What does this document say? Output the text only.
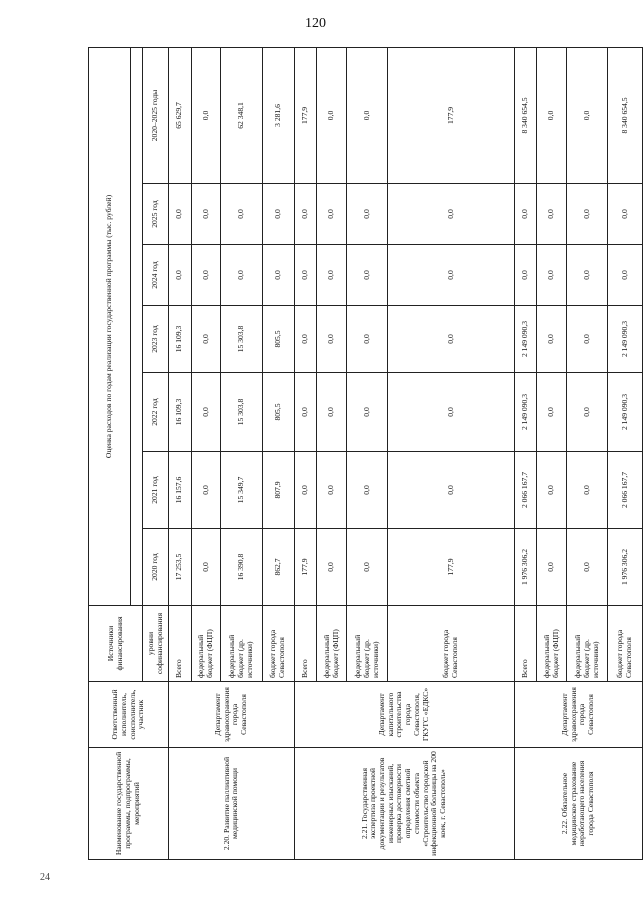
120
Наименование государственной программы, подпрограммы, мероприятий	Ответственный исполнитель, соисполнитель, участник	Источники финансирования	Оценка расходов по годам реализации государственной программы (тыс. рублей)						

		уровни софинансирования	2020 год	2021 год	2022 год	2023 год	2024 год	2025 год	2020–2025 годы
2.20. Развитие паллиативной медицинской помощи	Департамент здравоохранения города Севастополя	Всего	17 253,5	16 157,6	16 109,3	16 109,3	0,0	0,0	65 629,7
		федеральный бюджет (ФЦП)	0,0	0,0	0,0	0,0	0,0	0,0	0,0
		федеральный бюджет (др. источники)	16 390,8	15 349,7	15 303,8	15 303,8	0,0	0,0	62 348,1
		бюджет города Севастополя	862,7	807,9	805,5	805,5	0,0	0,0	3 281,6
2.21. Государственная экспертиза проектной документации и результатов инженерных изысканий, проверка достоверности определения сметной стоимости объекта «Строительство городской инфекционной больницы на 200 коек, г. Севастополь»	Департамент капитального строительства города Севастополя, ГКУГС «ЕДКС»	Всего	177,9	0,0	0,0	0,0	0,0	0,0	177,9
		федеральный бюджет (ФЦП)	0,0	0,0	0,0	0,0	0,0	0,0	0,0
		федеральный бюджет (др. источники)	0,0	0,0	0,0	0,0	0,0	0,0	0,0
		бюджет города Севастополя	177,9	0,0	0,0	0,0	0,0	0,0	177,9
2.22. Обязательное медицинское страхование неработающего населения города Севастополя	Департамент здравоохранения города Севастополя	Всего	1 976 306,2	2 066 167,7	2 149 090,3	2 149 090,3	0,0	0,0	8 340 654,5
		федеральный бюджет (ФЦП)	0,0	0,0	0,0	0,0	0,0	0,0	0,0
		федеральный бюджет (др. источники)	0,0	0,0	0,0	0,0	0,0	0,0	0,0
		бюджет города Севастополя	1 976 306,2	2 066 167,7	2 149 090,3	2 149 090,3	0,0	0,0	8 340 654,5
24
